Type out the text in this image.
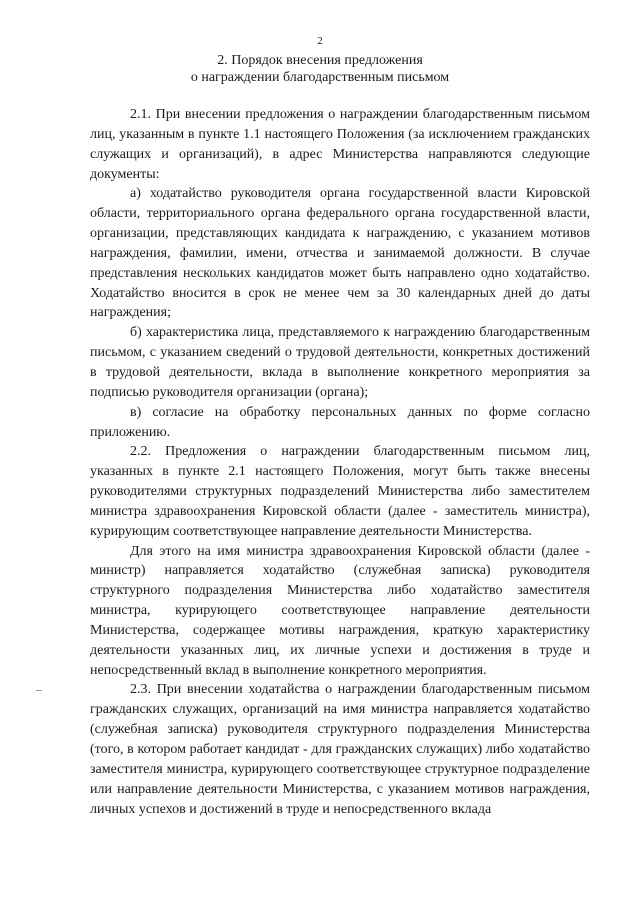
2
2. Порядок внесения предложения
о награждении благодарственным письмом

2.1. При внесении предложения о награждении благодарственным письмом лиц, указанным в пункте 1.1 настоящего Положения (за исключением гражданских служащих и организаций), в адрес Министерства направляются следующие документы:

а) ходатайство руководителя органа государственной власти Кировской области, территориального органа федерального органа государственной власти, организации, представляющих кандидата к награждению, с указанием мотивов награждения, фамилии, имени, отчества и занимаемой должности. В случае представления нескольких кандидатов может быть направлено одно ходатайство. Ходатайство вносится в срок не менее чем за 30 календарных дней до даты награждения;

б) характеристика лица, представляемого к награждению благодарственным письмом, с указанием сведений о трудовой деятельности, конкретных достижений в трудовой деятельности, вклада в выполнение конкретного мероприятия за подписью руководителя организации (органа);

в) согласие на обработку персональных данных по форме согласно приложению.

2.2. Предложения о награждении благодарственным письмом лиц, указанных в пункте 2.1 настоящего Положения, могут быть также внесены руководителями структурных подразделений Министерства либо заместителем министра здравоохранения Кировской области (далее - заместитель министра), курирующим соответствующее направление деятельности Министерства.

Для этого на имя министра здравоохранения Кировской области (далее - министр) направляется ходатайство (служебная записка) руководителя структурного подразделения Министерства либо ходатайство заместителя министра, курирующего соответствующее направление деятельности Министерства, содержащее мотивы награждения, краткую характеристику деятельности указанных лиц, их личные успехи и достижения в труде и непосредственный вклад в выполнение конкретного мероприятия.

2.3. При внесении ходатайства о награждении благодарственным письмом гражданских служащих, организаций на имя министра направляется ходатайство (служебная записка) руководителя структурного подразделения Министерства (того, в котором работает кандидат - для гражданских служащих) либо ходатайство заместителя министра, курирующего соответствующее структурное подразделение или направление деятельности Министерства, с указанием мотивов награждения, личных успехов и достижений в труде и непосредственного вклада
